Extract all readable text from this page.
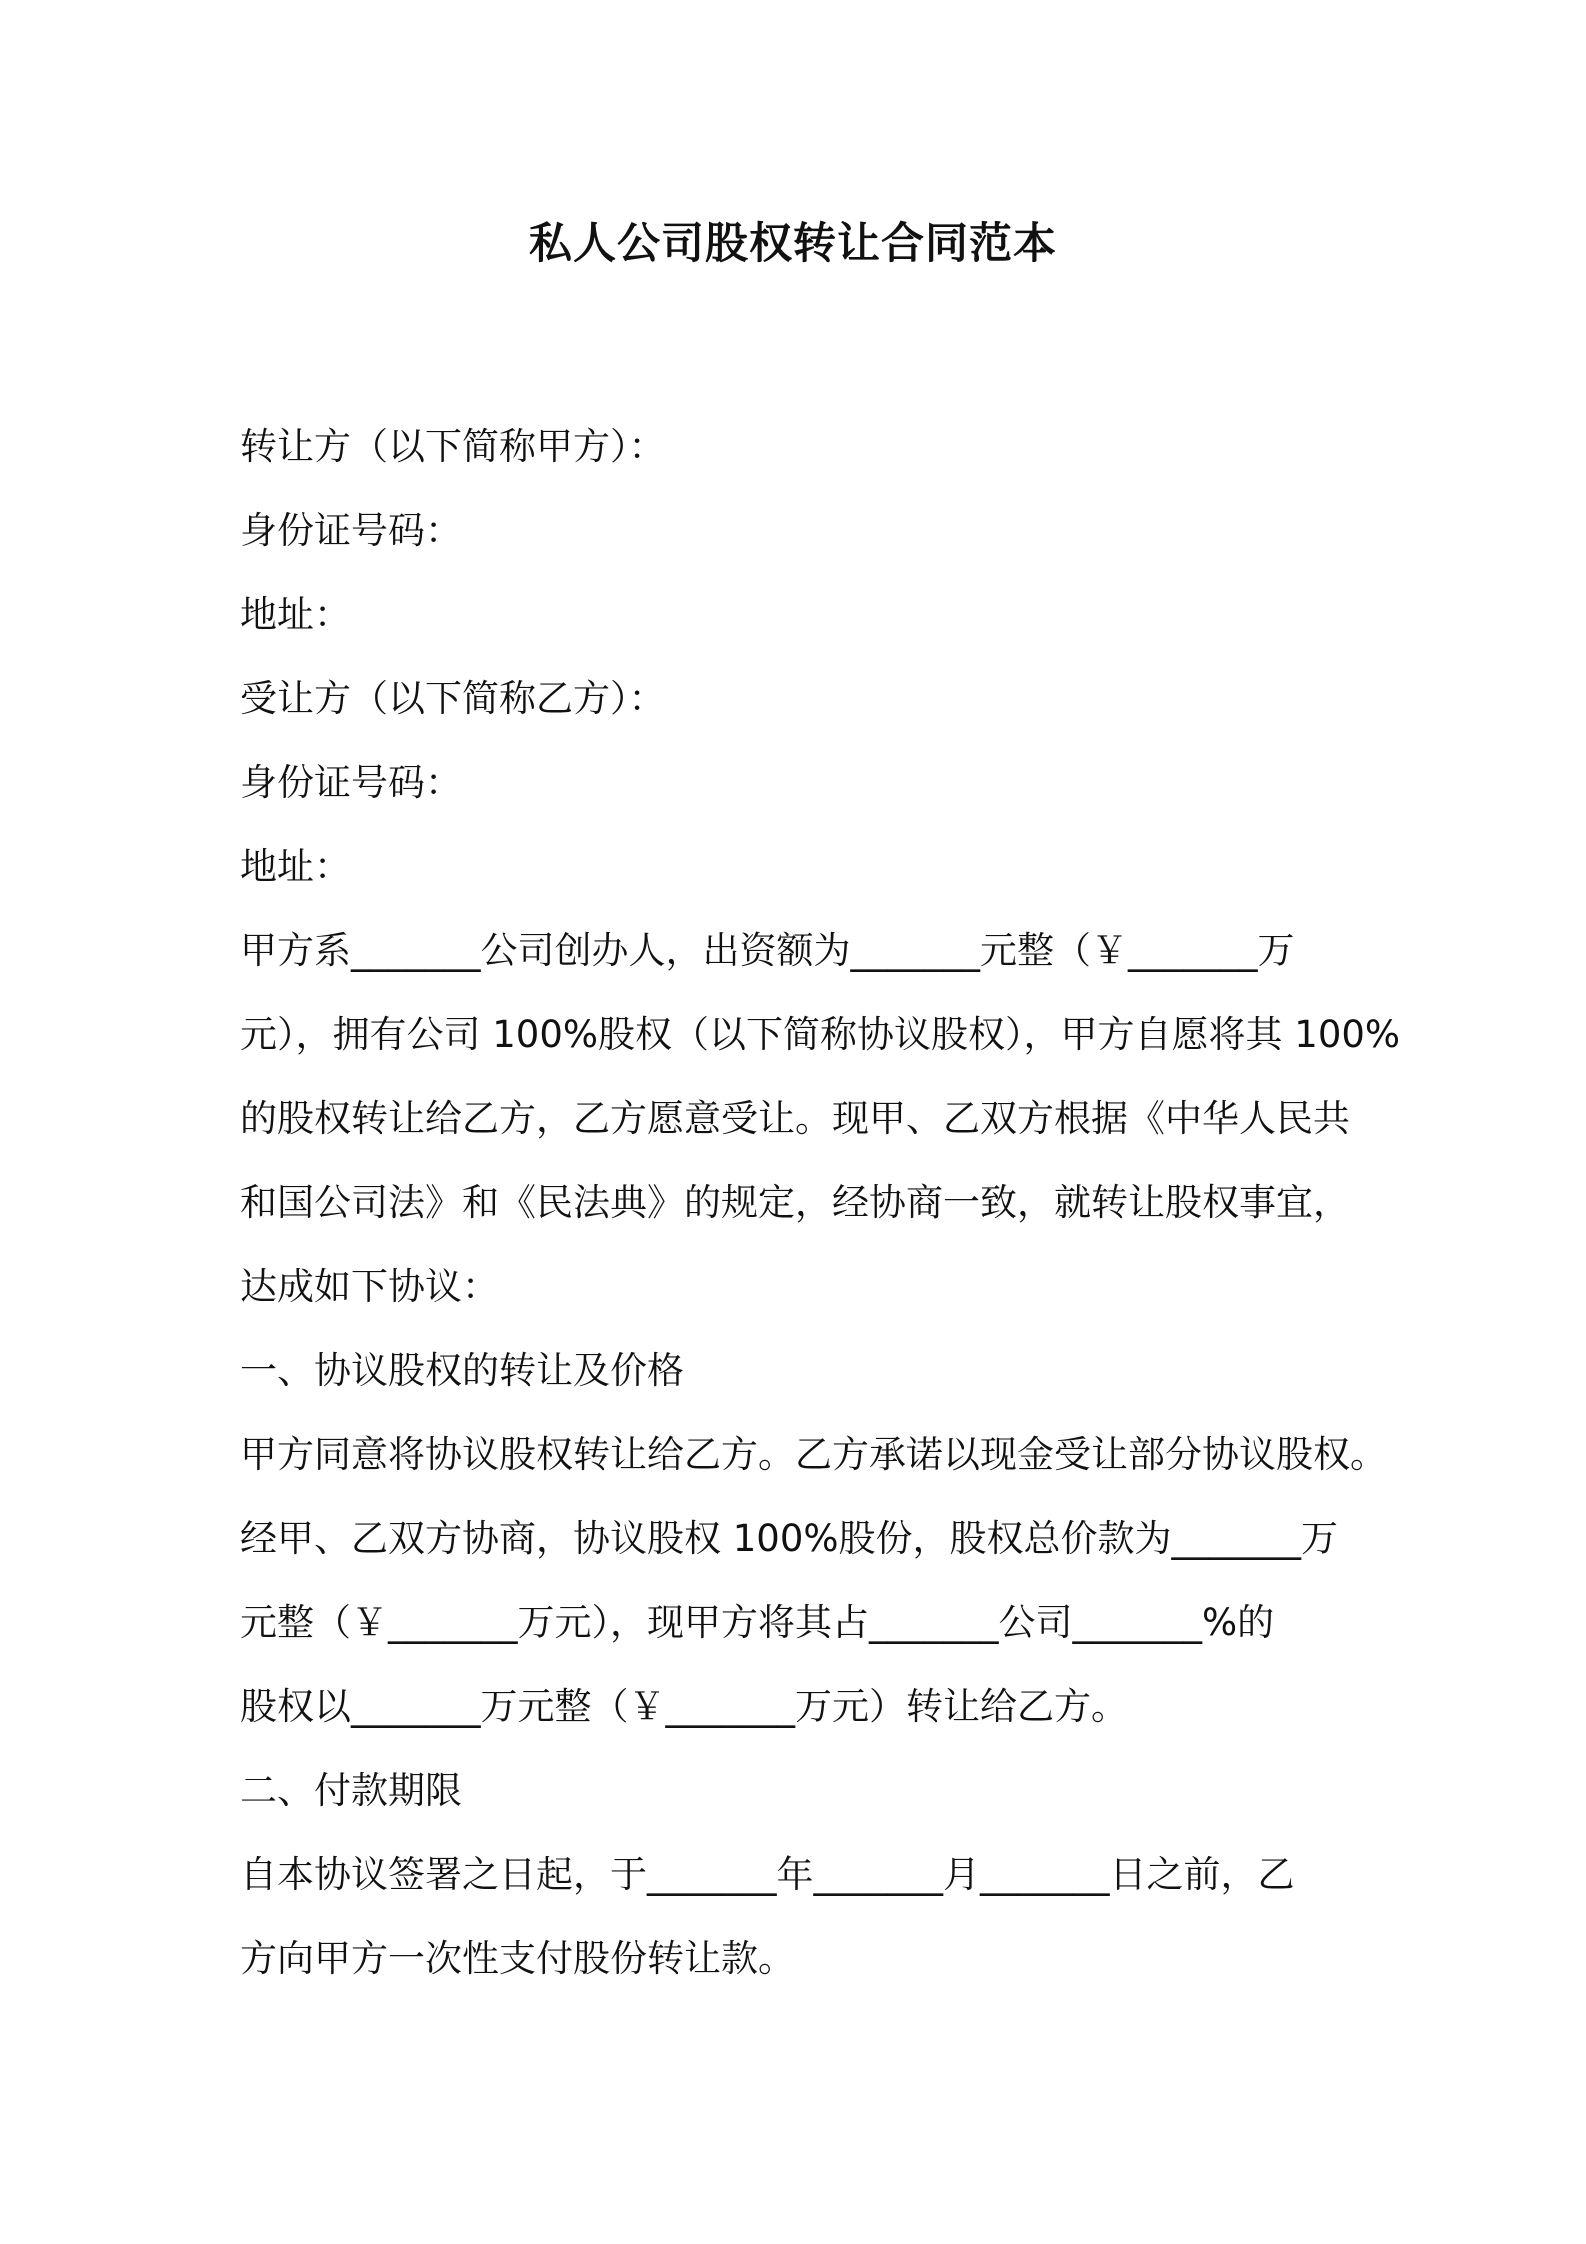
私人公司股权转让合同范本

转让方（以下简称甲方）：

身份证号码：

地址：

受让方（以下简称乙方）：

身份证号码：

地址：

甲方系_______公司创办人，出资额为_______元整（￥_______万

元），拥有公司 100%股权（以下简称协议股权），甲方自愿将其 100%

的股权转让给乙方，乙方愿意受让。现甲、乙双方根据《中华人民共

和国公司法》和《民法典》的规定，经协商一致，就转让股权事宜，

达成如下协议：

一、协议股权的转让及价格

甲方同意将协议股权转让给乙方。乙方承诺以现金受让部分协议股权。

经甲、乙双方协商，协议股权 100%股份，股权总价款为_______万

元整（￥_______万元），现甲方将其占_______公司_______%的

股权以_______万元整（￥_______万元）转让给乙方。

二、付款期限

自本协议签署之日起，于_______年_______月_______日之前，乙

方向甲方一次性支付股份转让款。
